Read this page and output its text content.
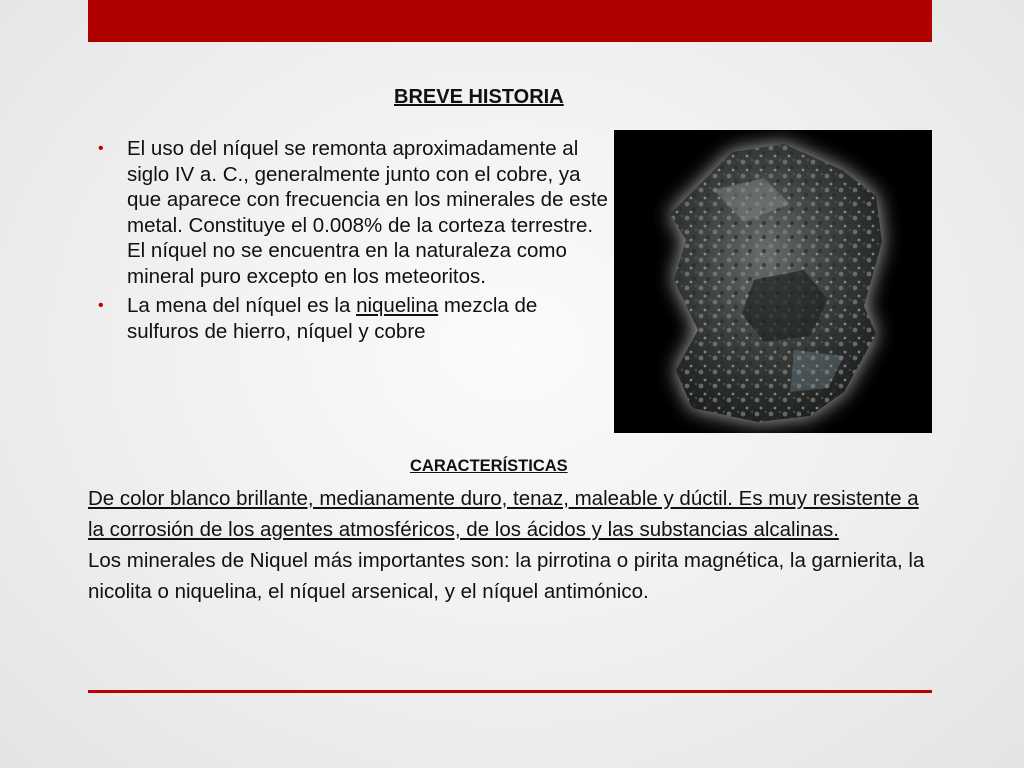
BREVE HISTORIA
• El uso del níquel se remonta aproximadamente al siglo IV a. C., generalmente junto con el cobre, ya que aparece con frecuencia en los minerales de este metal. Constituye el 0.008% de la corteza terrestre. El níquel no se encuentra en la naturaleza como mineral puro excepto en los meteoritos.
• La mena del níquel es la niquelina mezcla de sulfuros de hierro, níquel y cobre
CARACTERÍSTICAS

De color blanco brillante, medianamente duro, tenaz, maleable y dúctil. Es muy resistente a la corrosión de los agentes atmosféricos, de los ácidos y las substancias alcalinas.

Los minerales de Niquel más importantes son: la pirrotina o pirita magnética, la garnierita, la nicolita o niquelina, el níquel arsenical, y el níquel antimónico.
